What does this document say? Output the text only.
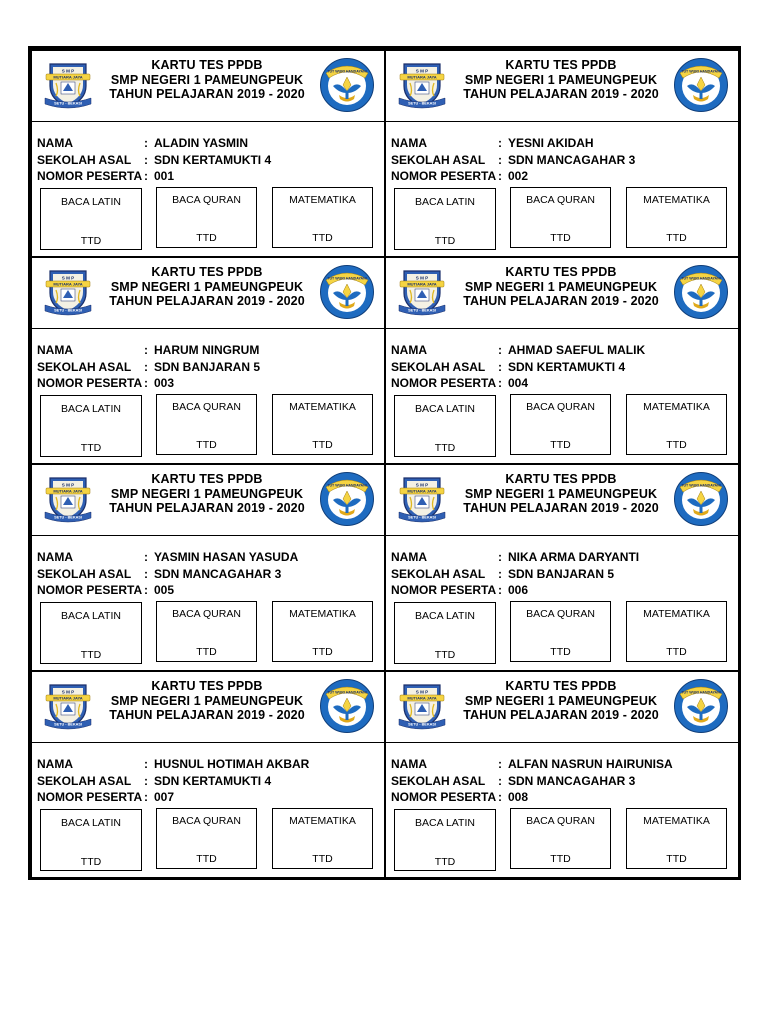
S M P
MUTIARA JAYA
SETU - BEKASI
KARTU TES PPDB
SMP NEGERI 1 PAMEUNGPEUK
TAHUN PELAJARAN 2019 - 2020
TUT WURI HANDAYANI
NAMA	: ALADIN YASMIN
SEKOLAH ASAL	: SDN KERTAMUKTI 4
NOMOR PESERTA : 001
BACA LATIN
TTD
BACA QURAN
TTD
MATEMATIKA
TTD
S M P
MUTIARA JAYA
SETU - BEKASI
KARTU TES PPDB
SMP NEGERI 1 PAMEUNGPEUK
TAHUN PELAJARAN 2019 - 2020
TUT WURI HANDAYANI
NAMA	: YESNI AKIDAH
SEKOLAH ASAL	: SDN MANCAGAHAR 3
NOMOR PESERTA : 002
BACA LATIN
TTD
BACA QURAN
TTD
MATEMATIKA
TTD
S M P
MUTIARA JAYA
SETU - BEKASI
KARTU TES PPDB
SMP NEGERI 1 PAMEUNGPEUK
TAHUN PELAJARAN 2019 - 2020
TUT WURI HANDAYANI
NAMA	: HARUM NINGRUM
SEKOLAH ASAL	: SDN BANJARAN 5
NOMOR PESERTA : 003
BACA LATIN
TTD
BACA QURAN
TTD
MATEMATIKA
TTD
S M P
MUTIARA JAYA
SETU - BEKASI
KARTU TES PPDB
SMP NEGERI 1 PAMEUNGPEUK
TAHUN PELAJARAN 2019 - 2020
TUT WURI HANDAYANI
NAMA	: AHMAD SAEFUL MALIK
SEKOLAH ASAL	: SDN KERTAMUKTI 4
NOMOR PESERTA : 004
BACA LATIN
TTD
BACA QURAN
TTD
MATEMATIKA
TTD
S M P
MUTIARA JAYA
SETU - BEKASI
KARTU TES PPDB
SMP NEGERI 1 PAMEUNGPEUK
TAHUN PELAJARAN 2019 - 2020
TUT WURI HANDAYANI
NAMA	: YASMIN HASAN YASUDA
SEKOLAH ASAL	: SDN MANCAGAHAR 3
NOMOR PESERTA : 005
BACA LATIN
TTD
BACA QURAN
TTD
MATEMATIKA
TTD
S M P
MUTIARA JAYA
SETU - BEKASI
KARTU TES PPDB
SMP NEGERI 1 PAMEUNGPEUK
TAHUN PELAJARAN 2019 - 2020
TUT WURI HANDAYANI
NAMA	: NIKA ARMA DARYANTI
SEKOLAH ASAL	: SDN BANJARAN 5
NOMOR PESERTA : 006
BACA LATIN
TTD
BACA QURAN
TTD
MATEMATIKA
TTD
S M P
MUTIARA JAYA
SETU - BEKASI
KARTU TES PPDB
SMP NEGERI 1 PAMEUNGPEUK
TAHUN PELAJARAN 2019 - 2020
TUT WURI HANDAYANI
NAMA	: HUSNUL HOTIMAH AKBAR
SEKOLAH ASAL	: SDN KERTAMUKTI 4
NOMOR PESERTA : 007
BACA LATIN
TTD
BACA QURAN
TTD
MATEMATIKA
TTD
S M P
MUTIARA JAYA
SETU - BEKASI
KARTU TES PPDB
SMP NEGERI 1 PAMEUNGPEUK
TAHUN PELAJARAN 2019 - 2020
TUT WURI HANDAYANI
NAMA	: ALFAN NASRUN HAIRUNISA
SEKOLAH ASAL	: SDN MANCAGAHAR 3
NOMOR PESERTA : 008
BACA LATIN
TTD
BACA QURAN
TTD
MATEMATIKA
TTD
